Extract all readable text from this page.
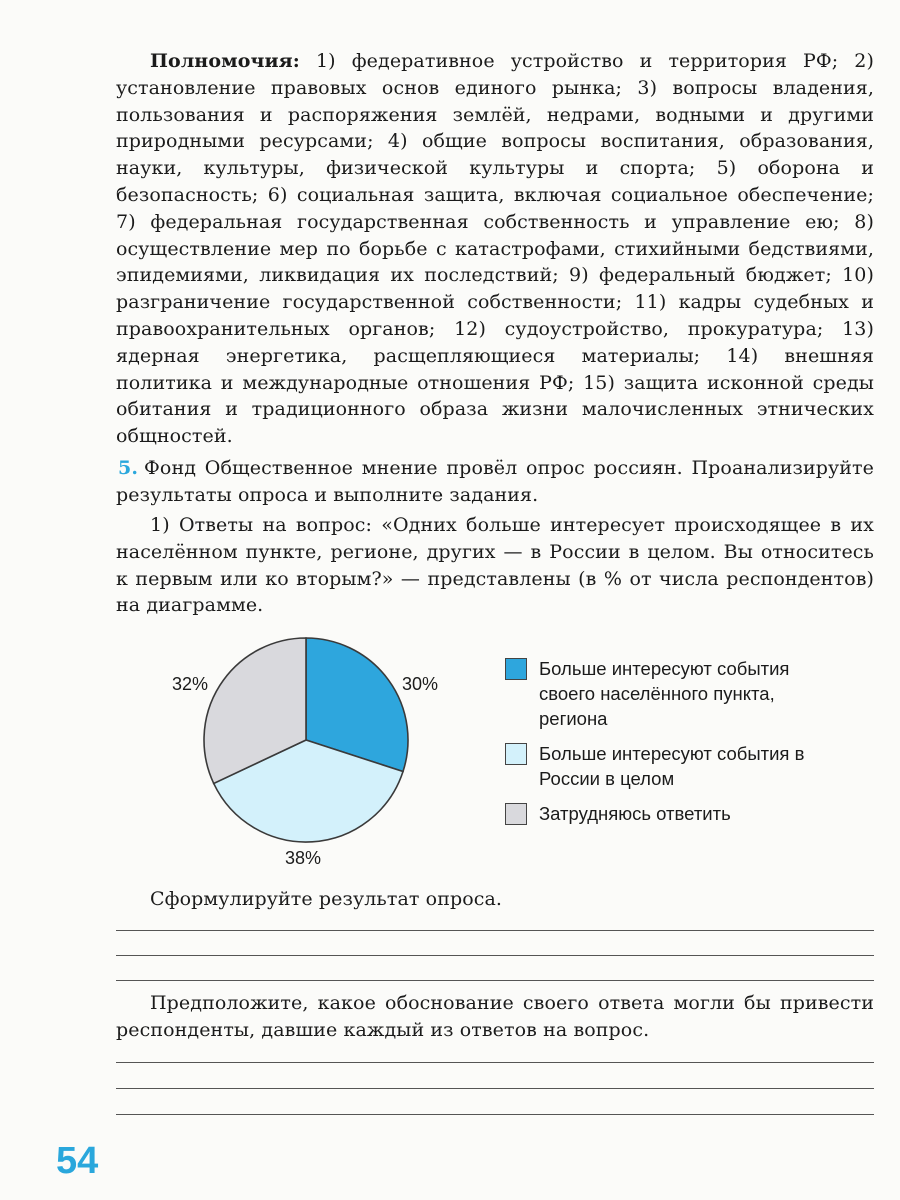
Полномочия: 1) федеративное устройство и территория РФ; 2) установление правовых основ единого рынка; 3) вопросы владения, пользования и распоряжения землёй, недрами, водными и другими природными ресурсами; 4) общие вопросы воспитания, образования, науки, культуры, физической культуры и спорта; 5) оборона и безопасность; 6) социальная защита, включая социальное обеспечение; 7) федеральная государственная собственность и управление ею; 8) осуществление мер по борьбе с катастрофами, стихийными бедствиями, эпидемиями, ликвидация их последствий; 9) федеральный бюджет; 10) разграничение государственной собственности; 11) кадры судебных и правоохранительных органов; 12) судоустройство, прокуратура; 13) ядерная энергетика, расщепляющиеся материалы; 14) внешняя политика и международные отношения РФ; 15) защита исконной среды обитания и традиционного образа жизни малочисленных этнических общностей.
5. Фонд Общественное мнение провёл опрос россиян. Проанализируйте результаты опроса и выполните задания.
1) Ответы на вопрос: «Одних больше интересует происходящее в их населённом пункте, регионе, других — в России в целом. Вы относитесь к первым или ко вторым?» — представлены (в % от числа респондентов) на диаграмме.
30%
38%
32%
Больше интересуют события своего населённого пункта, региона
Больше интересуют события в России в целом
Затрудняюсь ответить
Сформулируйте результат опроса.
Предположите, какое обоснование своего ответа могли бы привести респонденты, давшие каждый из ответов на вопрос.
54
